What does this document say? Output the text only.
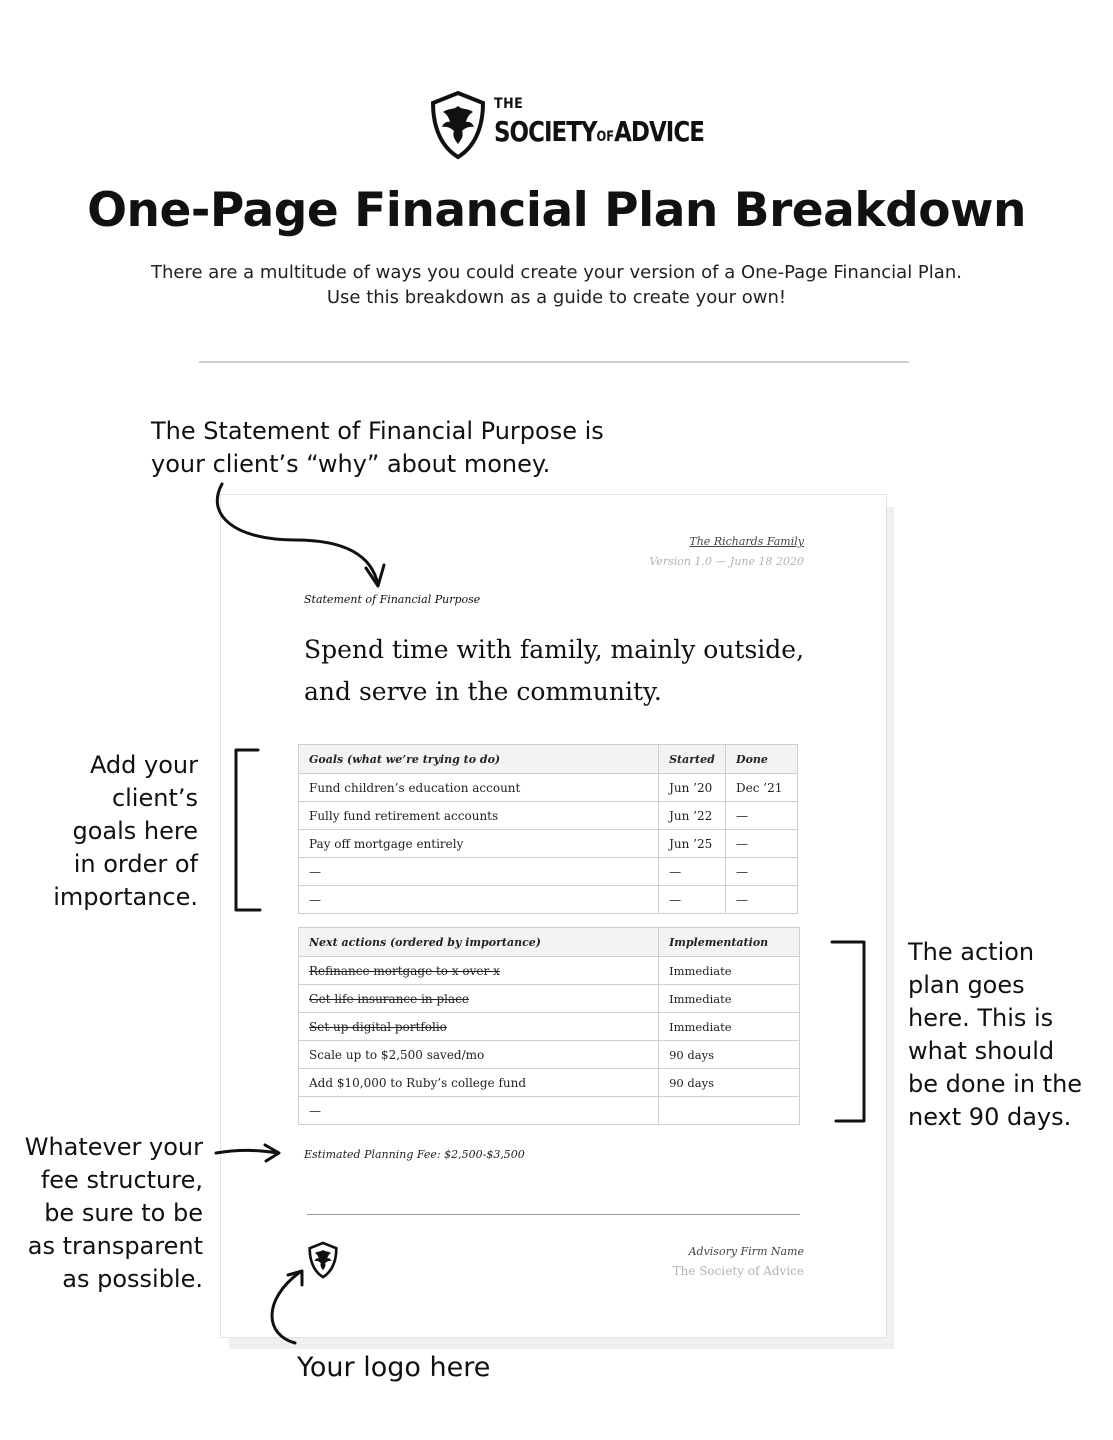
THE
SOCIETYOFADVICE
One-Page Financial Plan Breakdown
There are a multitude of ways you could create your version of a One-Page Financial Plan.
Use this breakdown as a guide to create your own!
The Statement of Financial Purpose is
your client’s “why” about money.
Add your
client’s
goals here
in order of
importance.
The action
plan goes
here. This is
what should
be done in the
next 90 days.
Whatever your
fee structure,
be sure to be
as transparent
as possible.
Your logo here
The Richards Family
Version 1.0 — June 18 2020
Statement of Financial Purpose
Spend time with family, mainly outside,
and serve in the community.
Goals (what we’re trying to do)	Started	Done
Fund children’s education account	Jun ’20	Dec ’21
Fully fund retirement accounts	Jun ’22	—
Pay off mortgage entirely	Jun ’25	—
—	—	—
—	—	—
Next actions (ordered by importance)	Implementation
Refinance mortgage to x over x	Immediate
Get life insurance in place	Immediate
Set up digital portfolio	Immediate
Scale up to $2,500 saved/mo	90 days
Add $10,000 to Ruby’s college fund	90 days
—	
Estimated Planning Fee: $2,500-$3,500
Advisory Firm Name
The Society of Advice
